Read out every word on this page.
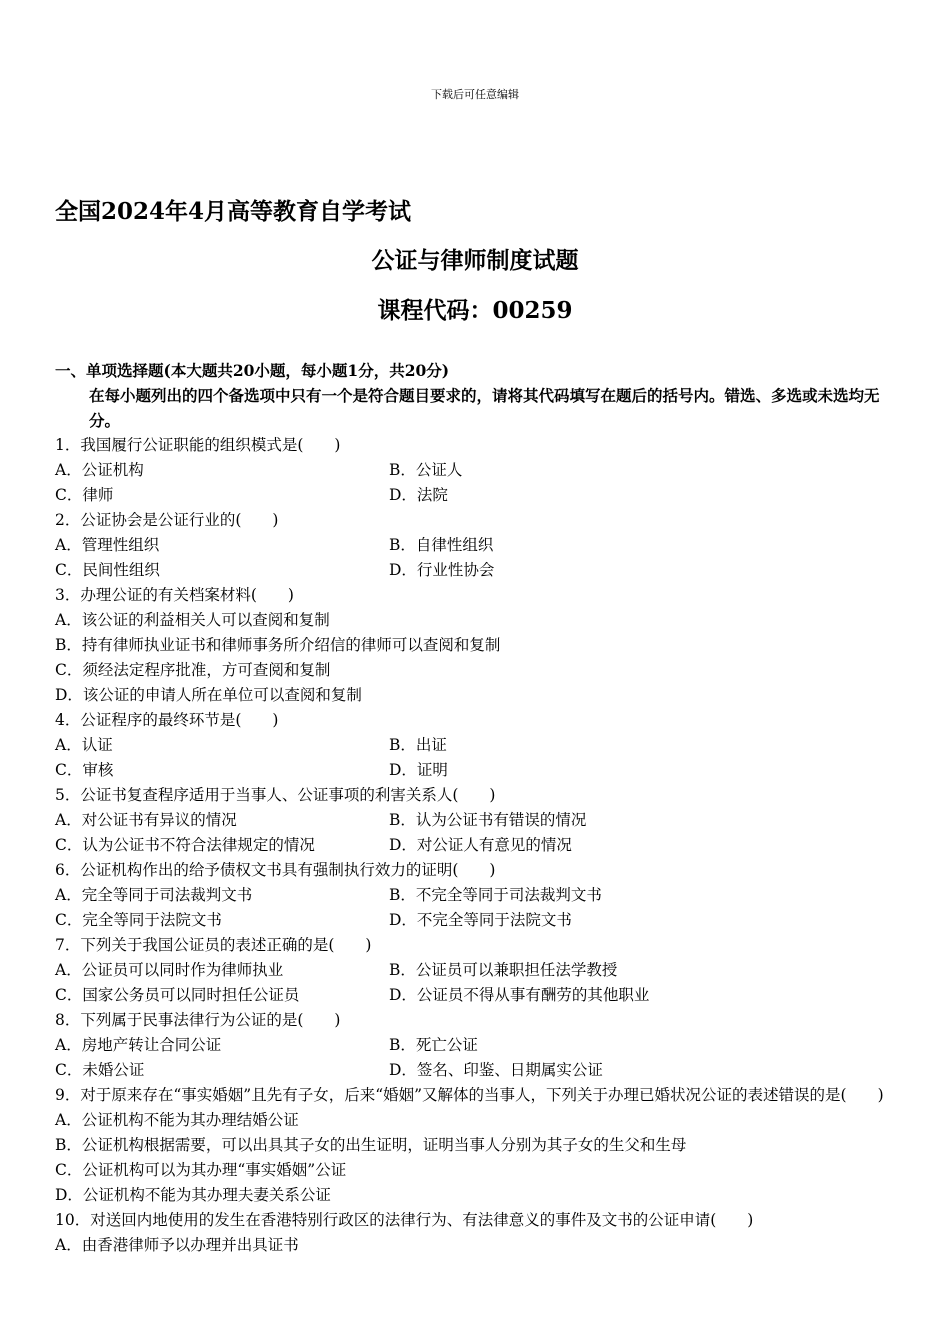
下载后可任意编辑
全国2024年4月高等教育自学考试
公证与律师制度试题
课程代码：00259
一、单项选择题(本大题共20小题，每小题1分，共20分)
在每小题列出的四个备选项中只有一个是符合题目要求的，请将其代码填写在题后的括号内。错选、多选或未选均无分。
1．我国履行公证职能的组织模式是(　　)
A．公证机构	B．公证人
C．律师	D．法院
2．公证协会是公证行业的(　　)
A．管理性组织	B．自律性组织
C．民间性组织	D．行业性协会
3．办理公证的有关档案材料(　　)
A．该公证的利益相关人可以查阅和复制
B．持有律师执业证书和律师事务所介绍信的律师可以查阅和复制
C．须经法定程序批准，方可查阅和复制
D．该公证的申请人所在单位可以查阅和复制
4．公证程序的最终环节是(　　)
A．认证	B．出证
C．审核	D．证明
5．公证书复查程序适用于当事人、公证事项的利害关系人(　　)
A．对公证书有异议的情况	B．认为公证书有错误的情况
C．认为公证书不符合法律规定的情况	D．对公证人有意见的情况
6．公证机构作出的给予债权文书具有强制执行效力的证明(　　)
A．完全等同于司法裁判文书	B．不完全等同于司法裁判文书
C．完全等同于法院文书	D．不完全等同于法院文书
7．下列关于我国公证员的表述正确的是(　　)
A．公证员可以同时作为律师执业	B．公证员可以兼职担任法学教授
C．国家公务员可以同时担任公证员	D．公证员不得从事有酬劳的其他职业
8．下列属于民事法律行为公证的是(　　)
A．房地产转让合同公证	B．死亡公证
C．未婚公证	D．签名、印鉴、日期属实公证
9．对于原来存在“事实婚姻”且先有子女，后来“婚姻”又解体的当事人，下列关于办理已婚状况公证的表述错误的是(　　)
A．公证机构不能为其办理结婚公证
B．公证机构根据需要，可以出具其子女的出生证明，证明当事人分别为其子女的生父和生母
C．公证机构可以为其办理“事实婚姻”公证
D．公证机构不能为其办理夫妻关系公证
10．对送回内地使用的发生在香港特别行政区的法律行为、有法律意义的事件及文书的公证申请(　　)
A．由香港律师予以办理并出具证书
